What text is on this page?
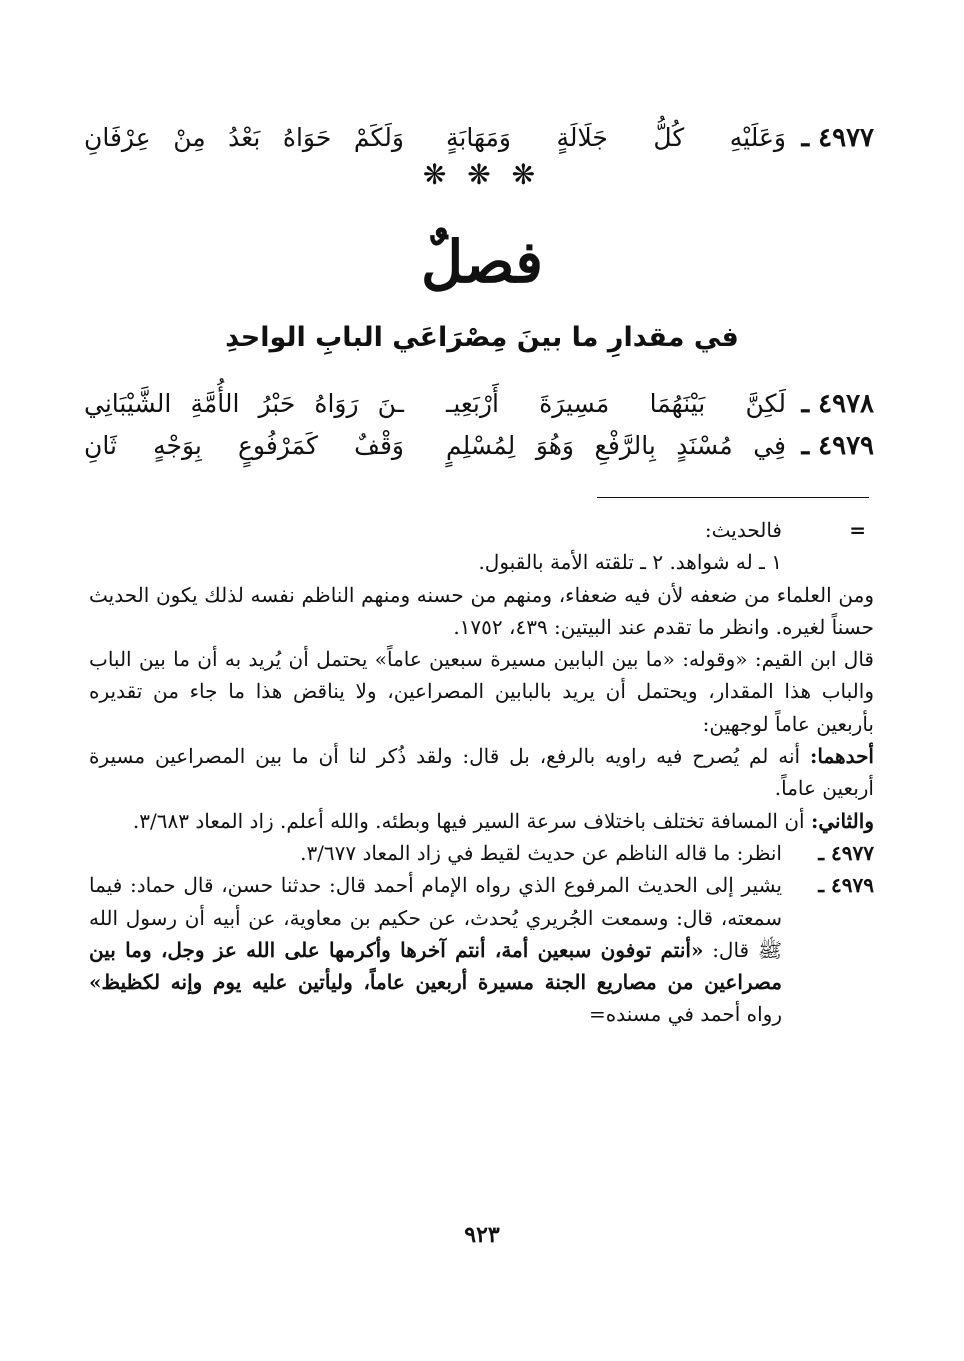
٤٩٧٧ ـ
وَعَلَيْهِ كُلُّ جَلَالَةٍ وَمَهَابَةٍ
وَلَكَمْ حَوَاهُ بَعْدُ مِنْ عِرْفَانِ
❋ ❋ ❋
فصلٌ
في مقدارِ ما بينَ مِصْرَاعَي البابِ الواحدِ
٤٩٧٨ ـ
لَكِنَّ بَيْنَهُمَا مَسِيرَةَ أَرْبَعِيـ
ـنَ رَوَاهُ حَبْرُ الأُمَّةِ الشَّيْبَانِي
٤٩٧٩ ـ
فِي مُسْنَدٍ بِالرَّفْعِ وَهُوَ لِمُسْلِمٍ
وَقْفٌ كَمَرْفُوعٍ بِوَجْهٍ ثَانِ
=

فالحديث:

١ ـ له شواهد. ٢ ـ تلقته الأمة بالقبول.

ومن العلماء من ضعفه لأن فيه ضعفاء، ومنهم من حسنه ومنهم الناظم نفسه لذلك يكون الحديث حسناً لغيره. وانظر ما تقدم عند البيتين: ٤٣٩، ١٧٥٢.

قال ابن القيم: «وقوله: «ما بين البابين مسيرة سبعين عاماً» يحتمل أن يُريد به أن ما بين الباب والباب هذا المقدار، ويحتمل أن يريد بالبابين المصراعين، ولا يناقض هذا ما جاء من تقديره بأربعين عاماً لوجهين:

أحدهما: أنه لم يُصرح فيه راويه بالرفع، بل قال: ولقد ذُكر لنا أن ما بين المصراعين مسيرة أربعين عاماً.

والثاني: أن المسافة تختلف باختلاف سرعة السير فيها وبطئه. والله أعلم. زاد المعاد ٣/٦٨٣.

٤٩٧٧ ـ

انظر: ما قاله الناظم عن حديث لقيط في زاد المعاد ٣/٦٧٧.

٤٩٧٩ ـ

يشير إلى الحديث المرفوع الذي رواه الإمام أحمد قال: حدثنا حسن، قال حماد: فيما سمعته، قال: وسمعت الجُريري يُحدث، عن حكيم بن معاوية، عن أبيه أن رسول الله ﷺ قال: «أنتم توفون سبعين أمة، أنتم آخرها وأكرمها على الله عز وجل، وما بين مصراعين من مصاريع الجنة مسيرة أربعين عاماً، وليأتين عليه يوم وإنه لكظيظ» رواه أحمد في مسنده=

٩٢٣
